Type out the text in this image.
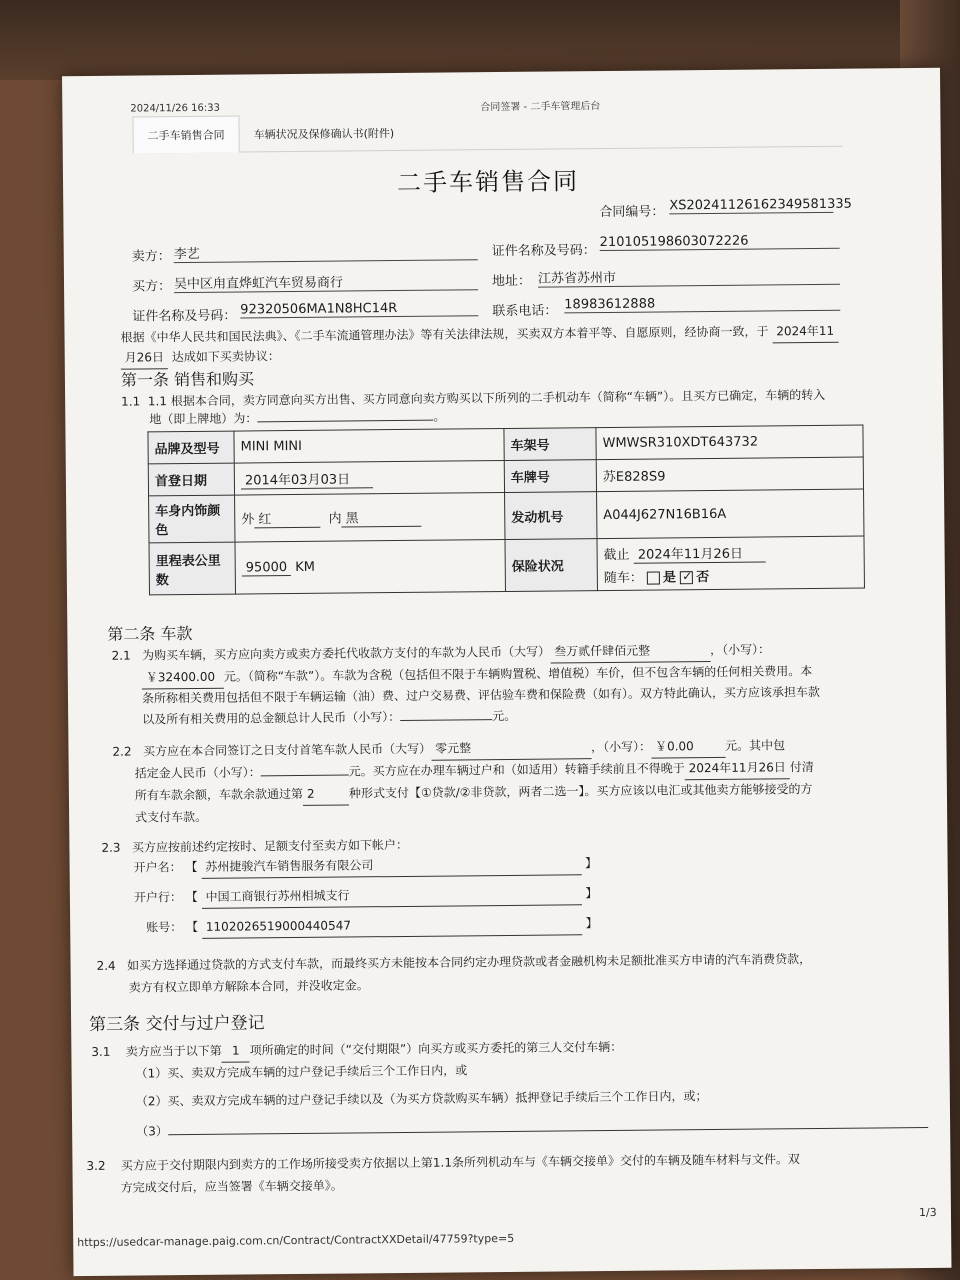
2024/11/26 16:33	合同签署 - 二手车管理后台
二手车销售合同	车辆状况及保修确认书(附件)
二手车销售合同
合同编号： XS20241126162349581335
卖方： 李艺	证件名称及号码：
210105198603072226
买方： 吴中区甪直烨虹汽车贸易商行	地址： 江苏省苏州市
证件名称及号码： 92320506MA1N8HC14R	联系电话： 18983612888
根据《中华人民共和国民法典》、《二手车流通管理办法》等有关法律法规，买卖双方本着平等、自愿原则，经协商一致，于 2024年11
月26日 达成如下买卖协议：
第一条 销售和购买
1.1 1.1 根据本合同，卖方同意向买方出售、买方同意向卖方购买以下所列的二手机动车（简称“车辆”）。且买方已确定，车辆的转入
地（即上牌地）为：	。
品牌及型号	MINI MINI	车架号	WMWSR310XDT643732
首登日期	2014年03月03日	车牌号	苏E828S9
车身内饰颜色	外 红 内 黑	发动机号	A044J627N16B16A
里程表公里数	95000 KM	保险状况	截止 2024年11月26日
随车： 是 ✓ 否
第二条 车款
2.1 为购买车辆，买方应向卖方或卖方委托代收款方支付的车款为人民币（大写） 叁万贰仟肆佰元整	，（小写）：
￥32400.00 元。（简称“车款”）。车款为含税（包括但不限于车辆购置税、增值税）车价，但不包含车辆的任何相关费用。本
条所称相关费用包括但不限于车辆运输（油）费、过户交易费、评估验车费和保险费（如有）。双方特此确认，买方应该承担车款
以及所有相关费用的总金额总计人民币（小写）：	元。
2.2 买方应在本合同签订之日支付首笔车款人民币（大写） 零元整	，（小写）： ￥0.00	元。其中包
括定金人民币（小写）：	元。买方应在办理车辆过户和（如适用）转籍手续前且不得晚于 2024年11月26日 付清
所有车款余额，车款余款通过第 2	种形式支付【①贷款/②非贷款，两者二选一】。买方应该以电汇或其他卖方能够接受的方
式支付车款。
2.3 买方应按前述约定按时、足额支付至卖方如下帐户：
开户名： 【 苏州捷骏汽车销售服务有限公司	】
开户行： 【 中国工商银行苏州相城支行	】
账号： 【 1102026519000440547	】
2.4 如买方选择通过贷款的方式支付车款，而最终买方未能按本合同约定办理贷款或者金融机构未足额批准买方申请的汽车消费贷款，
卖方有权立即单方解除本合同，并没收定金。
第三条 交付与过户登记
3.1 卖方应当于以下第 1 项所确定的时间（“交付期限”）向买方或买方委托的第三人交付车辆：
（1）买、卖双方完成车辆的过户登记手续后三个工作日内，或
（2）买、卖双方完成车辆的过户登记手续以及（为买方贷款购买车辆）抵押登记手续后三个工作日内，或；
（3）
3.2 买方应于交付期限内到卖方的工作场所接受卖方依据以上第1.1条所列机动车与《车辆交接单》交付的车辆及随车材料与文件。双
方完成交付后，应当签署《车辆交接单》。
https://usedcar-manage.paig.com.cn/Contract/ContractXXDetail/47759?type=5
1/3
